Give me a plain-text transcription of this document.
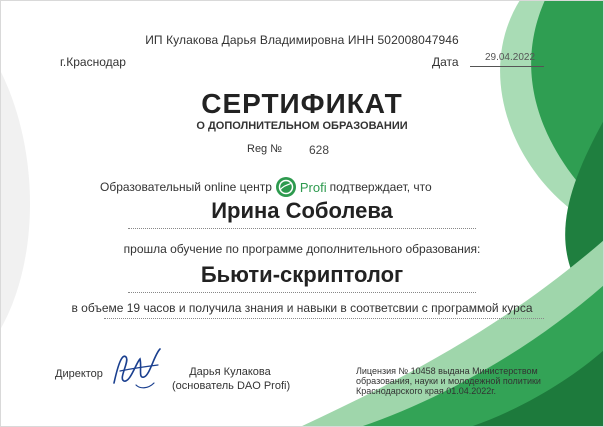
ИП Кулакова Дарья Владимировна ИНН 502008047946
г.Краснодар	Дата	29.04.2022
СЕРТИФИКАТ
О ДОПОЛНИТЕЛЬНОМ ОБРАЗОВАНИИ
Reg № 628
Образовательный online центр Profi подтверждает, что
Ирина Соболева
прошла обучение по программе дополнительного образования:
Бьюти-скриптолог
в объеме 19 часов и получила знания и навыки в соответсвии с программой курса
Директор	Дарья Кулакова
(основатель DAO Profi)
Лицензия № 10458 выдана Министерством образования, науки и молодежной политики Краснодарского края 01.04.2022г.
